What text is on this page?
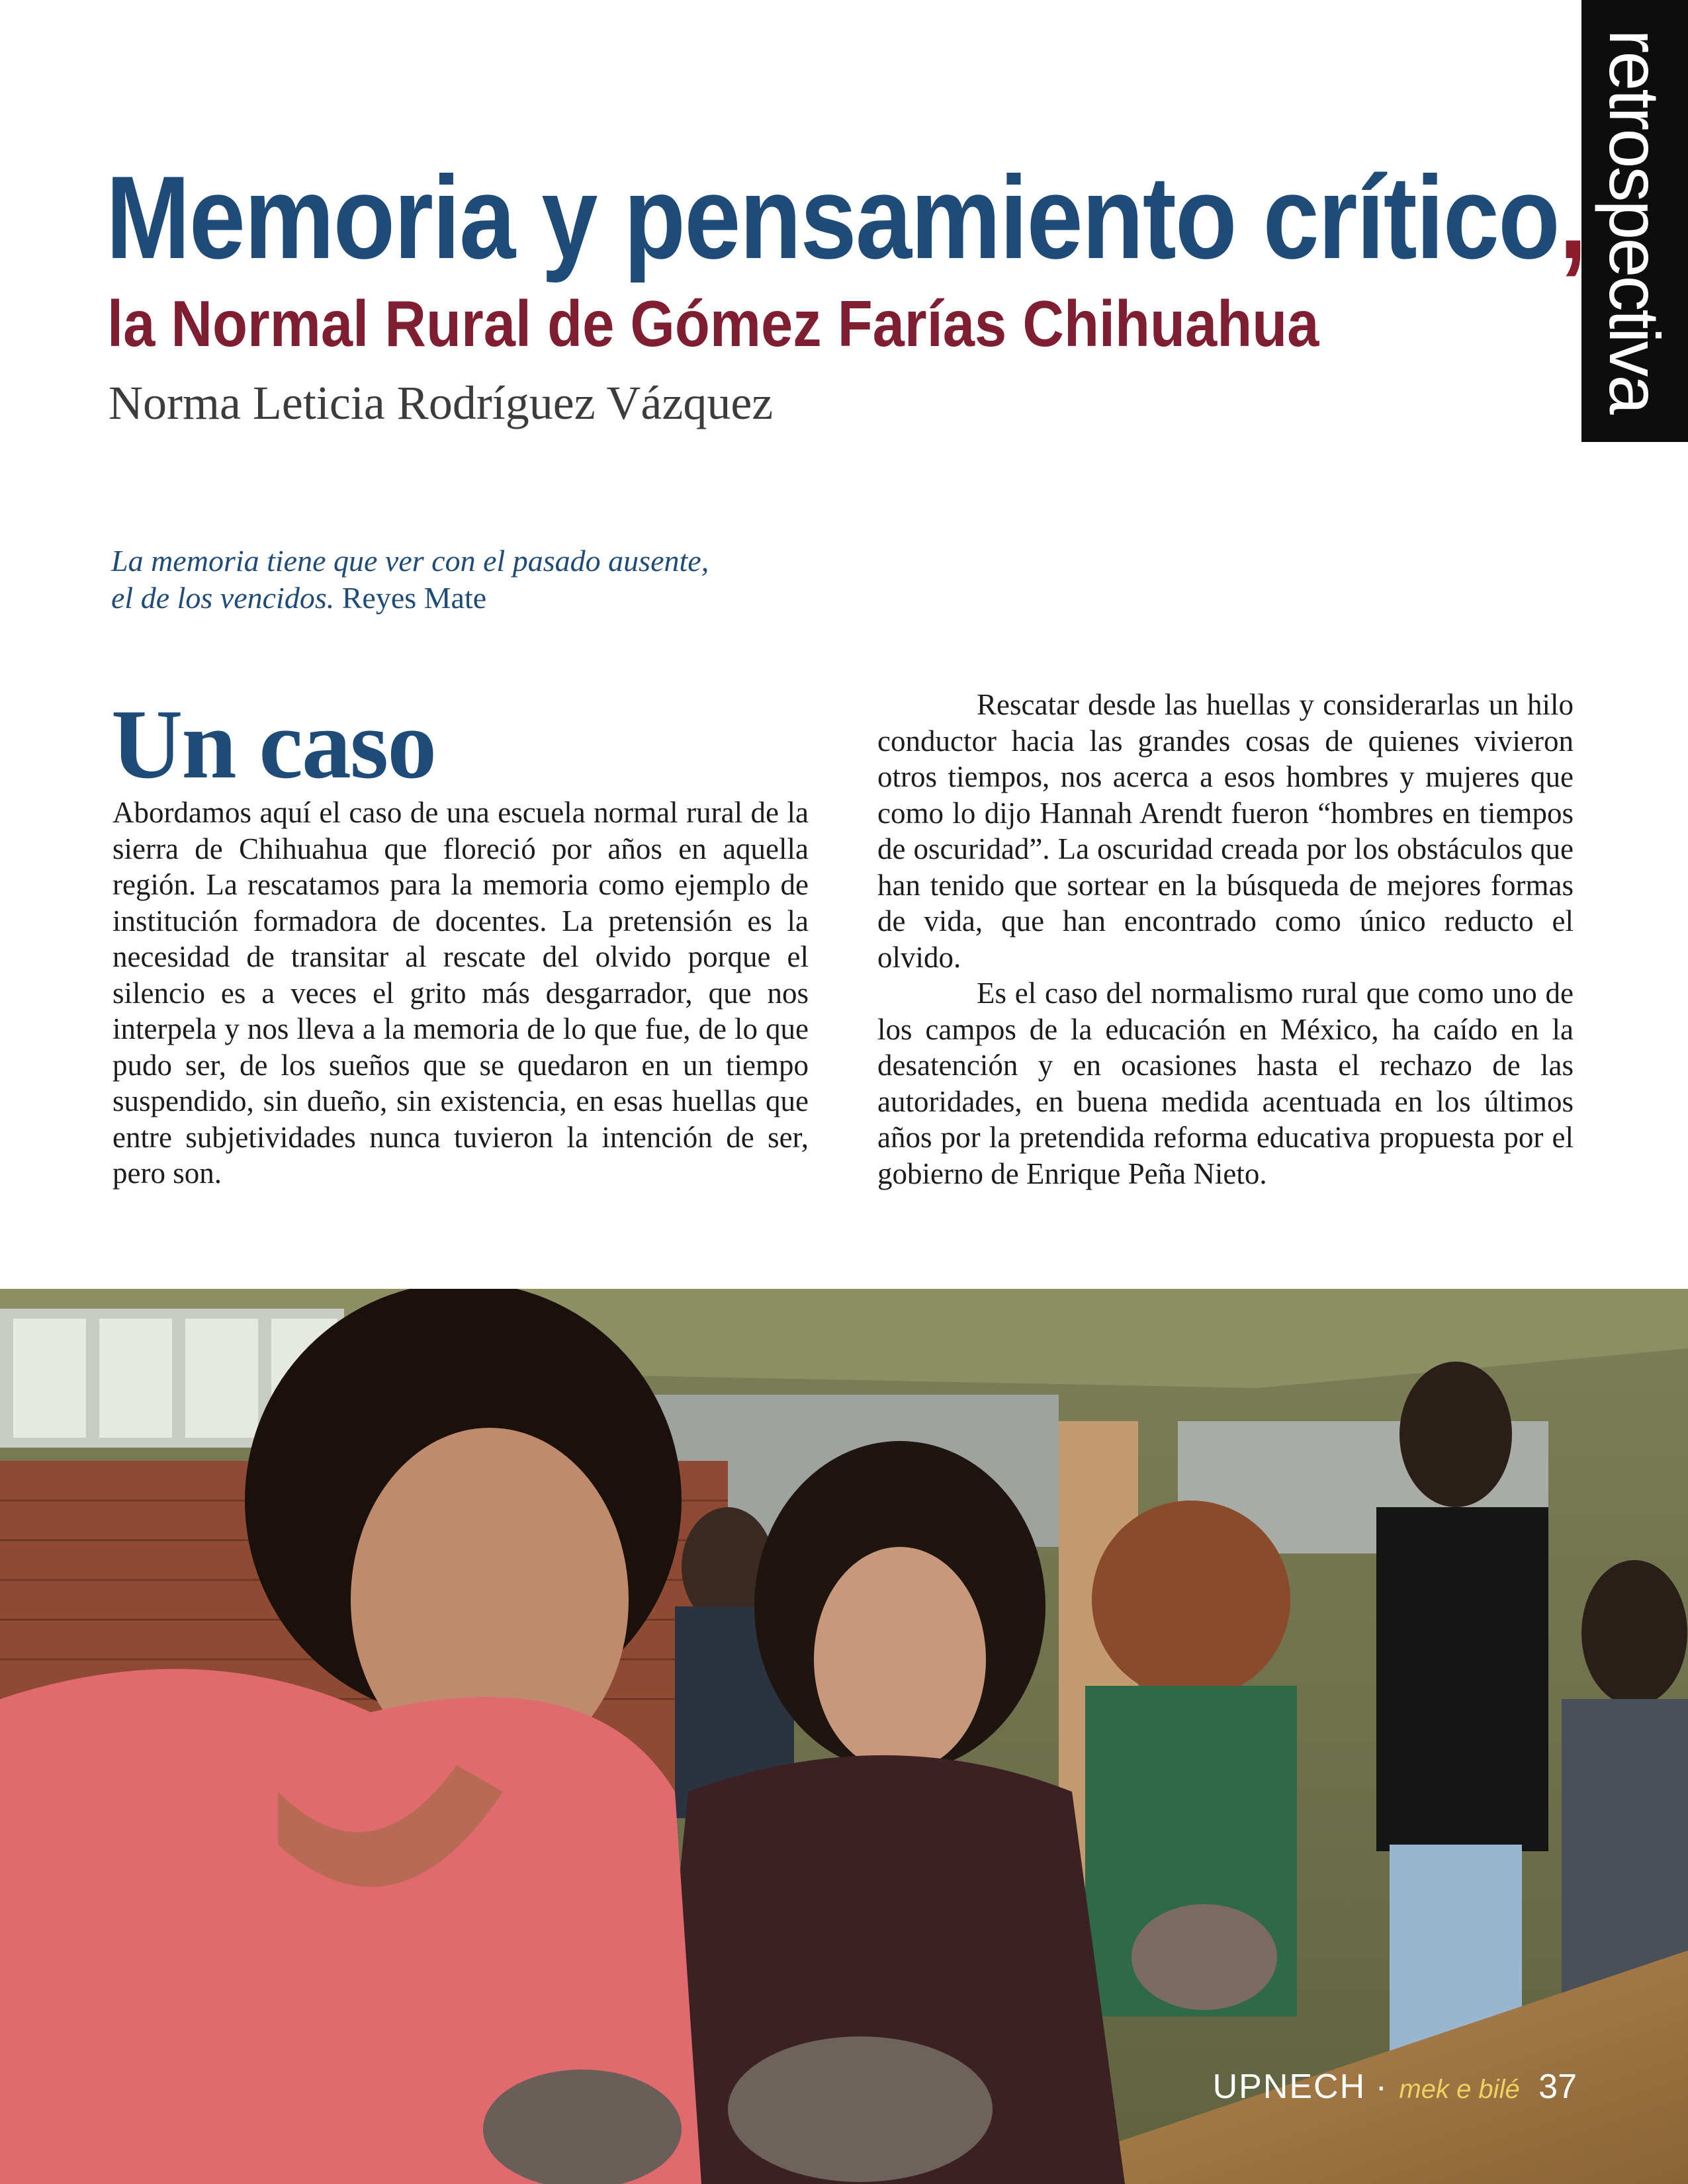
retrospectiva
Memoria y pensamiento crítico,
la Normal Rural de Gómez Farías Chihuahua
Norma Leticia Rodríguez Vázquez
La memoria tiene que ver con el pasado ausente,
el de los vencidos. Reyes Mate
Un caso

Abordamos aquí el caso de una escuela normal rural de la sierra de Chihuahua que floreció por años en aquella región. La rescatamos para la memoria como ejemplo de institución formadora de docentes. La pretensión es la necesidad de transitar al rescate del olvido porque el silencio es a veces el grito más desgarrador, que nos interpela y nos lleva a la memoria de lo que fue, de lo que pudo ser, de los sueños que se quedaron en un tiempo suspendido, sin dueño, sin existencia, en esas huellas que entre subjetividades nunca tuvieron la intención de ser, pero son.

Rescatar desde las huellas y considerarlas un hilo conductor hacia las grandes cosas de quienes vivieron otros tiempos, nos acerca a esos hombres y mujeres que como lo dijo Hannah Arendt fueron “hombres en tiempos de oscuridad”. La oscuridad creada por los obstáculos que han tenido que sortear en la búsqueda de mejores formas de vida, que han encontrado como único reducto el olvido.

Es el caso del normalismo rural que como uno de los campos de la educación en México, ha caído en la desatención y en ocasiones hasta el rechazo de las autoridades, en buena medida acentuada en los últimos años por la pretendida reforma educativa propuesta por el gobierno de Enrique Peña Nieto.

UPNECH · mek e bilé 37
